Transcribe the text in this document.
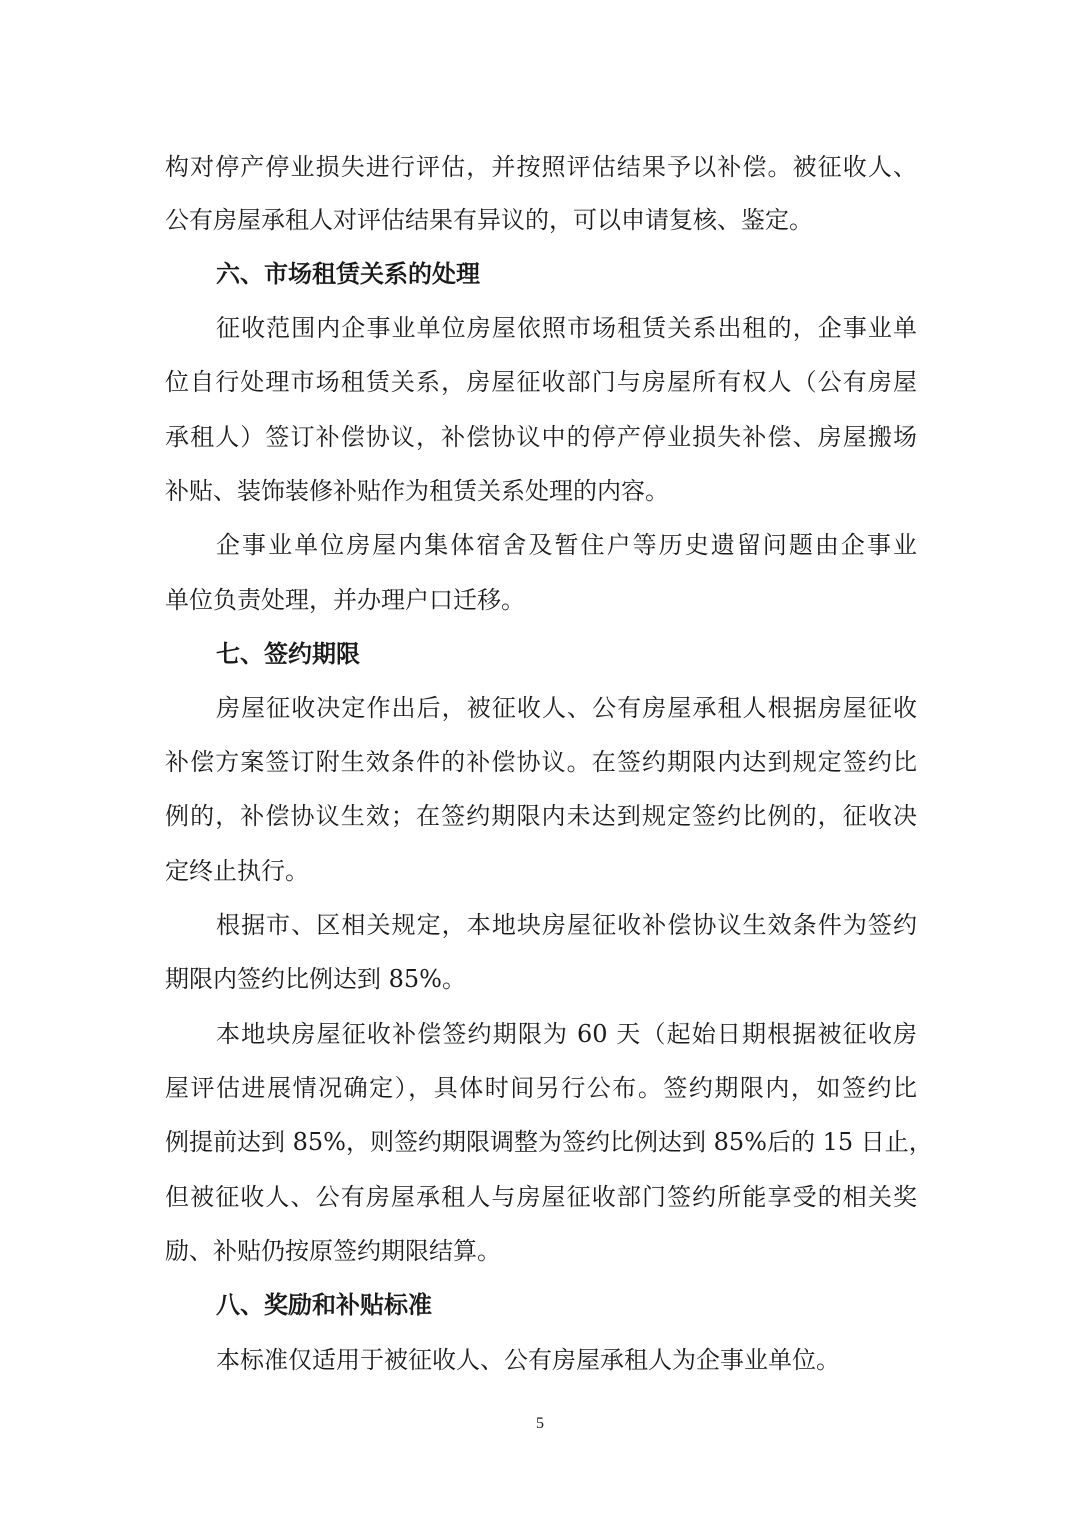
构对停产停业损失进行评估，并按照评估结果予以补偿。被征收人、
公有房屋承租人对评估结果有异议的，可以申请复核、鉴定。
六、市场租赁关系的处理
征收范围内企事业单位房屋依照市场租赁关系出租的，企事业单
位自行处理市场租赁关系，房屋征收部门与房屋所有权人（公有房屋
承租人）签订补偿协议，补偿协议中的停产停业损失补偿、房屋搬场
补贴、装饰装修补贴作为租赁关系处理的内容。
企事业单位房屋内集体宿舍及暂住户等历史遗留问题由企事业
单位负责处理，并办理户口迁移。
七、签约期限
房屋征收决定作出后，被征收人、公有房屋承租人根据房屋征收
补偿方案签订附生效条件的补偿协议。在签约期限内达到规定签约比
例的，补偿协议生效；在签约期限内未达到规定签约比例的，征收决
定终止执行。
根据市、区相关规定，本地块房屋征收补偿协议生效条件为签约
期限内签约比例达到 85%。
本地块房屋征收补偿签约期限为 60 天（起始日期根据被征收房
屋评估进展情况确定），具体时间另行公布。签约期限内，如签约比
例提前达到 85%，则签约期限调整为签约比例达到 85%后的 15 日止，
但被征收人、公有房屋承租人与房屋征收部门签约所能享受的相关奖
励、补贴仍按原签约期限结算。
八、奖励和补贴标准
本标准仅适用于被征收人、公有房屋承租人为企事业单位。
5
